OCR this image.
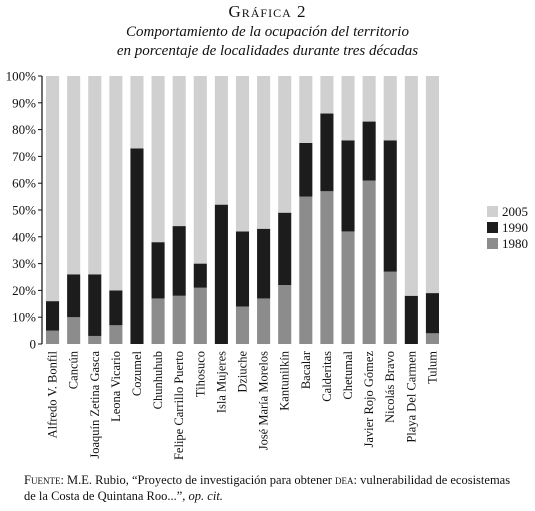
Gráfica 2
Comportamiento de la ocupación del territorio
en porcentaje de localidades durante tres décadas
0
10%
20%
30%
40%
50%
60%
70%
80%
90%
100%
Alfredo V. Bonfil Cancún Joaquín Zetina Gasca Leona Vicario Cozumel Chunhuhub Felipe Carrillo Puerto Tihosuco Isla Mujeres Dziuche José María Morelos Kantunilkín Bacalar Calderitas Chetumal Javier Rojo Gómez Nicolás Bravo Playa Del Carmen Tulum
2005
1990
1980
Fuente: M.E. Rubio, “Proyecto de investigación para obtener dea: vulnerabilidad de ecosistemas de la Costa de Quintana Roo...”, op. cit.
